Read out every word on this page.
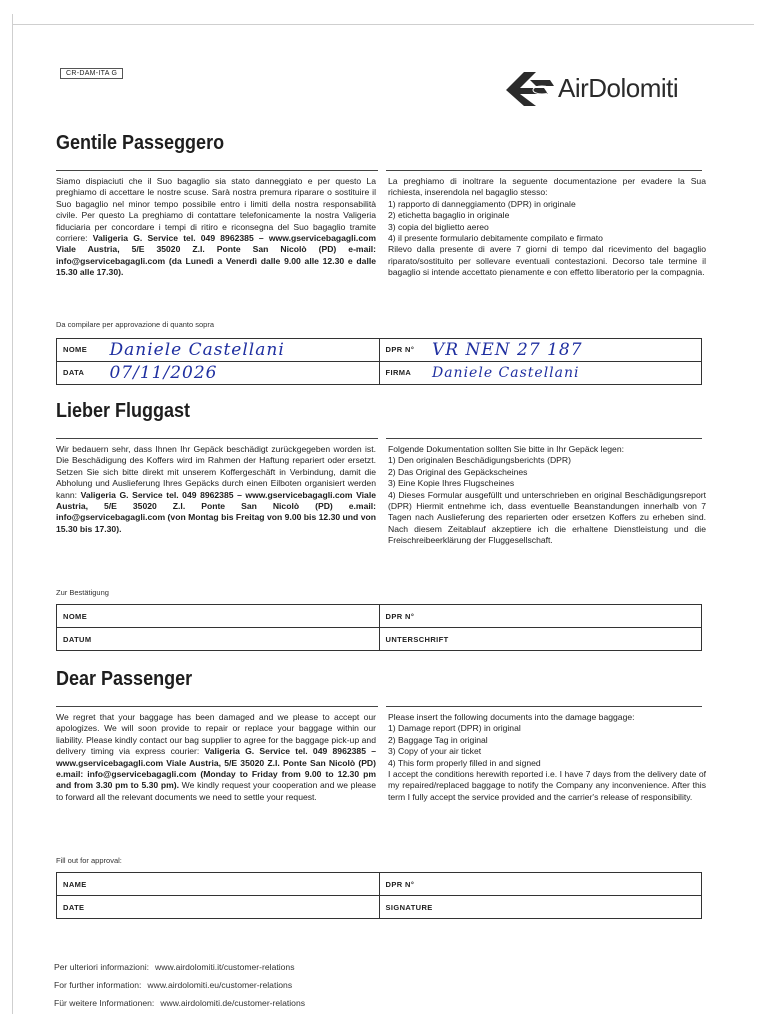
CR-DAM-ITA G	AirDolomiti
Gentile Passeggero

Siamo dispiaciuti che il Suo bagaglio sia stato danneggiato e per questo La preghiamo di accettare le nostre scuse. Sarà nostra premura riparare o sostituire il Suo bagaglio nel minor tempo possibile entro i limiti della nostra responsabilità civile. Per questo La preghiamo di contattare telefonicamente la nostra Valigeria fiduciaria per concordare i tempi di ritiro e riconsegna del Suo bagaglio tramite corriere: Valigeria G. Service tel. 049 8962385 – www.gservicebagagli.com Viale Austria, 5/E 35020 Z.I. Ponte San Nicolò (PD) e-mail: info@gservicebagagli.com (da Lunedì a Venerdì dalle 9.00 alle 12.30 e dalle 15.30 alle 17.30).

La preghiamo di inoltrare la seguente documentazione per evadere la Sua richiesta, inserendola nel bagaglio stesso:
1) rapporto di danneggiamento (DPR) in originale
2) etichetta bagaglio in originale
3) copia del biglietto aereo
4) il presente formulario debitamente compilato e firmato
Rilevo dalla presente di avere 7 giorni di tempo dal ricevimento del bagaglio riparato/sostituito per sollevare eventuali contestazioni. Decorso tale termine il bagaglio si intende accettato pienamente e con effetto liberatorio per la compagnia.

Da compilare per approvazione di quanto sopra
NOME Daniele Castellani	DPR N° VR NEN 27 187
DATA 07/11/2026	FIRMA Daniele Castellani
Lieber Fluggast

Wir bedauern sehr, dass Ihnen Ihr Gepäck beschädigt zurückgegeben worden ist. Die Beschädigung des Koffers wird im Rahmen der Haftung repariert oder ersetzt. Setzen Sie sich bitte direkt mit unserem Koffergeschäft in Verbindung, damit die Abholung und Auslieferung Ihres Gepäcks durch einen Eilboten organisiert werden kann: Valigeria G. Service tel. 049 8962385 – www.gservicebagagli.com Viale Austria, 5/E 35020 Z.I. Ponte San Nicolò (PD) e.mail: info@gservicebagagli.com (von Montag bis Freitag von 9.00 bis 12.30 und von 15.30 bis 17.30).

Folgende Dokumentation sollten Sie bitte in Ihr Gepäck legen:
1) Den originalen Beschädigungsberichts (DPR)
2) Das Original des Gepäckscheines
3) Eine Kopie Ihres Flugscheines
4) Dieses Formular ausgefüllt und unterschrieben en original Beschädigungsreport (DPR) Hiermit entnehme ich, dass eventuelle Beanstandungen innerhalb von 7 Tagen nach Auslieferung des reparierten oder ersetzen Koffers zu erheben sind. Nach diesem Zeitablauf akzeptiere ich die erhaltene Dienstleistung und die Freischreibeerklärung der Fluggesellschaft.

Zur Bestätigung
NOME	DPR N°
DATUM	UNTERSCHRIFT
Dear Passenger

We regret that your baggage has been damaged and we please to accept our apologizes. We will soon provide to repair or replace your baggage within our liability. Please kindly contact our bag supplier to agree for the baggage pick-up and delivery timing via express courier: Valigeria G. Service tel. 049 8962385 – www.gservicebagagli.com Viale Austria, 5/E 35020 Z.I. Ponte San Nicolò (PD) e.mail: info@gservicebagagli.com (Monday to Friday from 9.00 to 12.30 pm and from 3.30 pm to 5.30 pm). We kindly request your cooperation and we please to forward all the relevant documents we need to settle your request.

Please insert the following documents into the damage baggage:
1) Damage report (DPR) in original
2) Baggage Tag in original
3) Copy of your air ticket
4) This form properly filled in and signed
I accept the conditions herewith reported i.e. I have 7 days from the delivery date of my repaired/replaced baggage to notify the Company any inconvenience. After this term I fully accept the service provided and the carrier's release of responsibility.

Fill out for approval:
NAME	DPR N°
DATE	SIGNATURE
Per ulteriori informazioni: www.airdolomiti.it/customer-relations
For further information: www.airdolomiti.eu/customer-relations
Für weitere Informationen: www.airdolomiti.de/customer-relations
